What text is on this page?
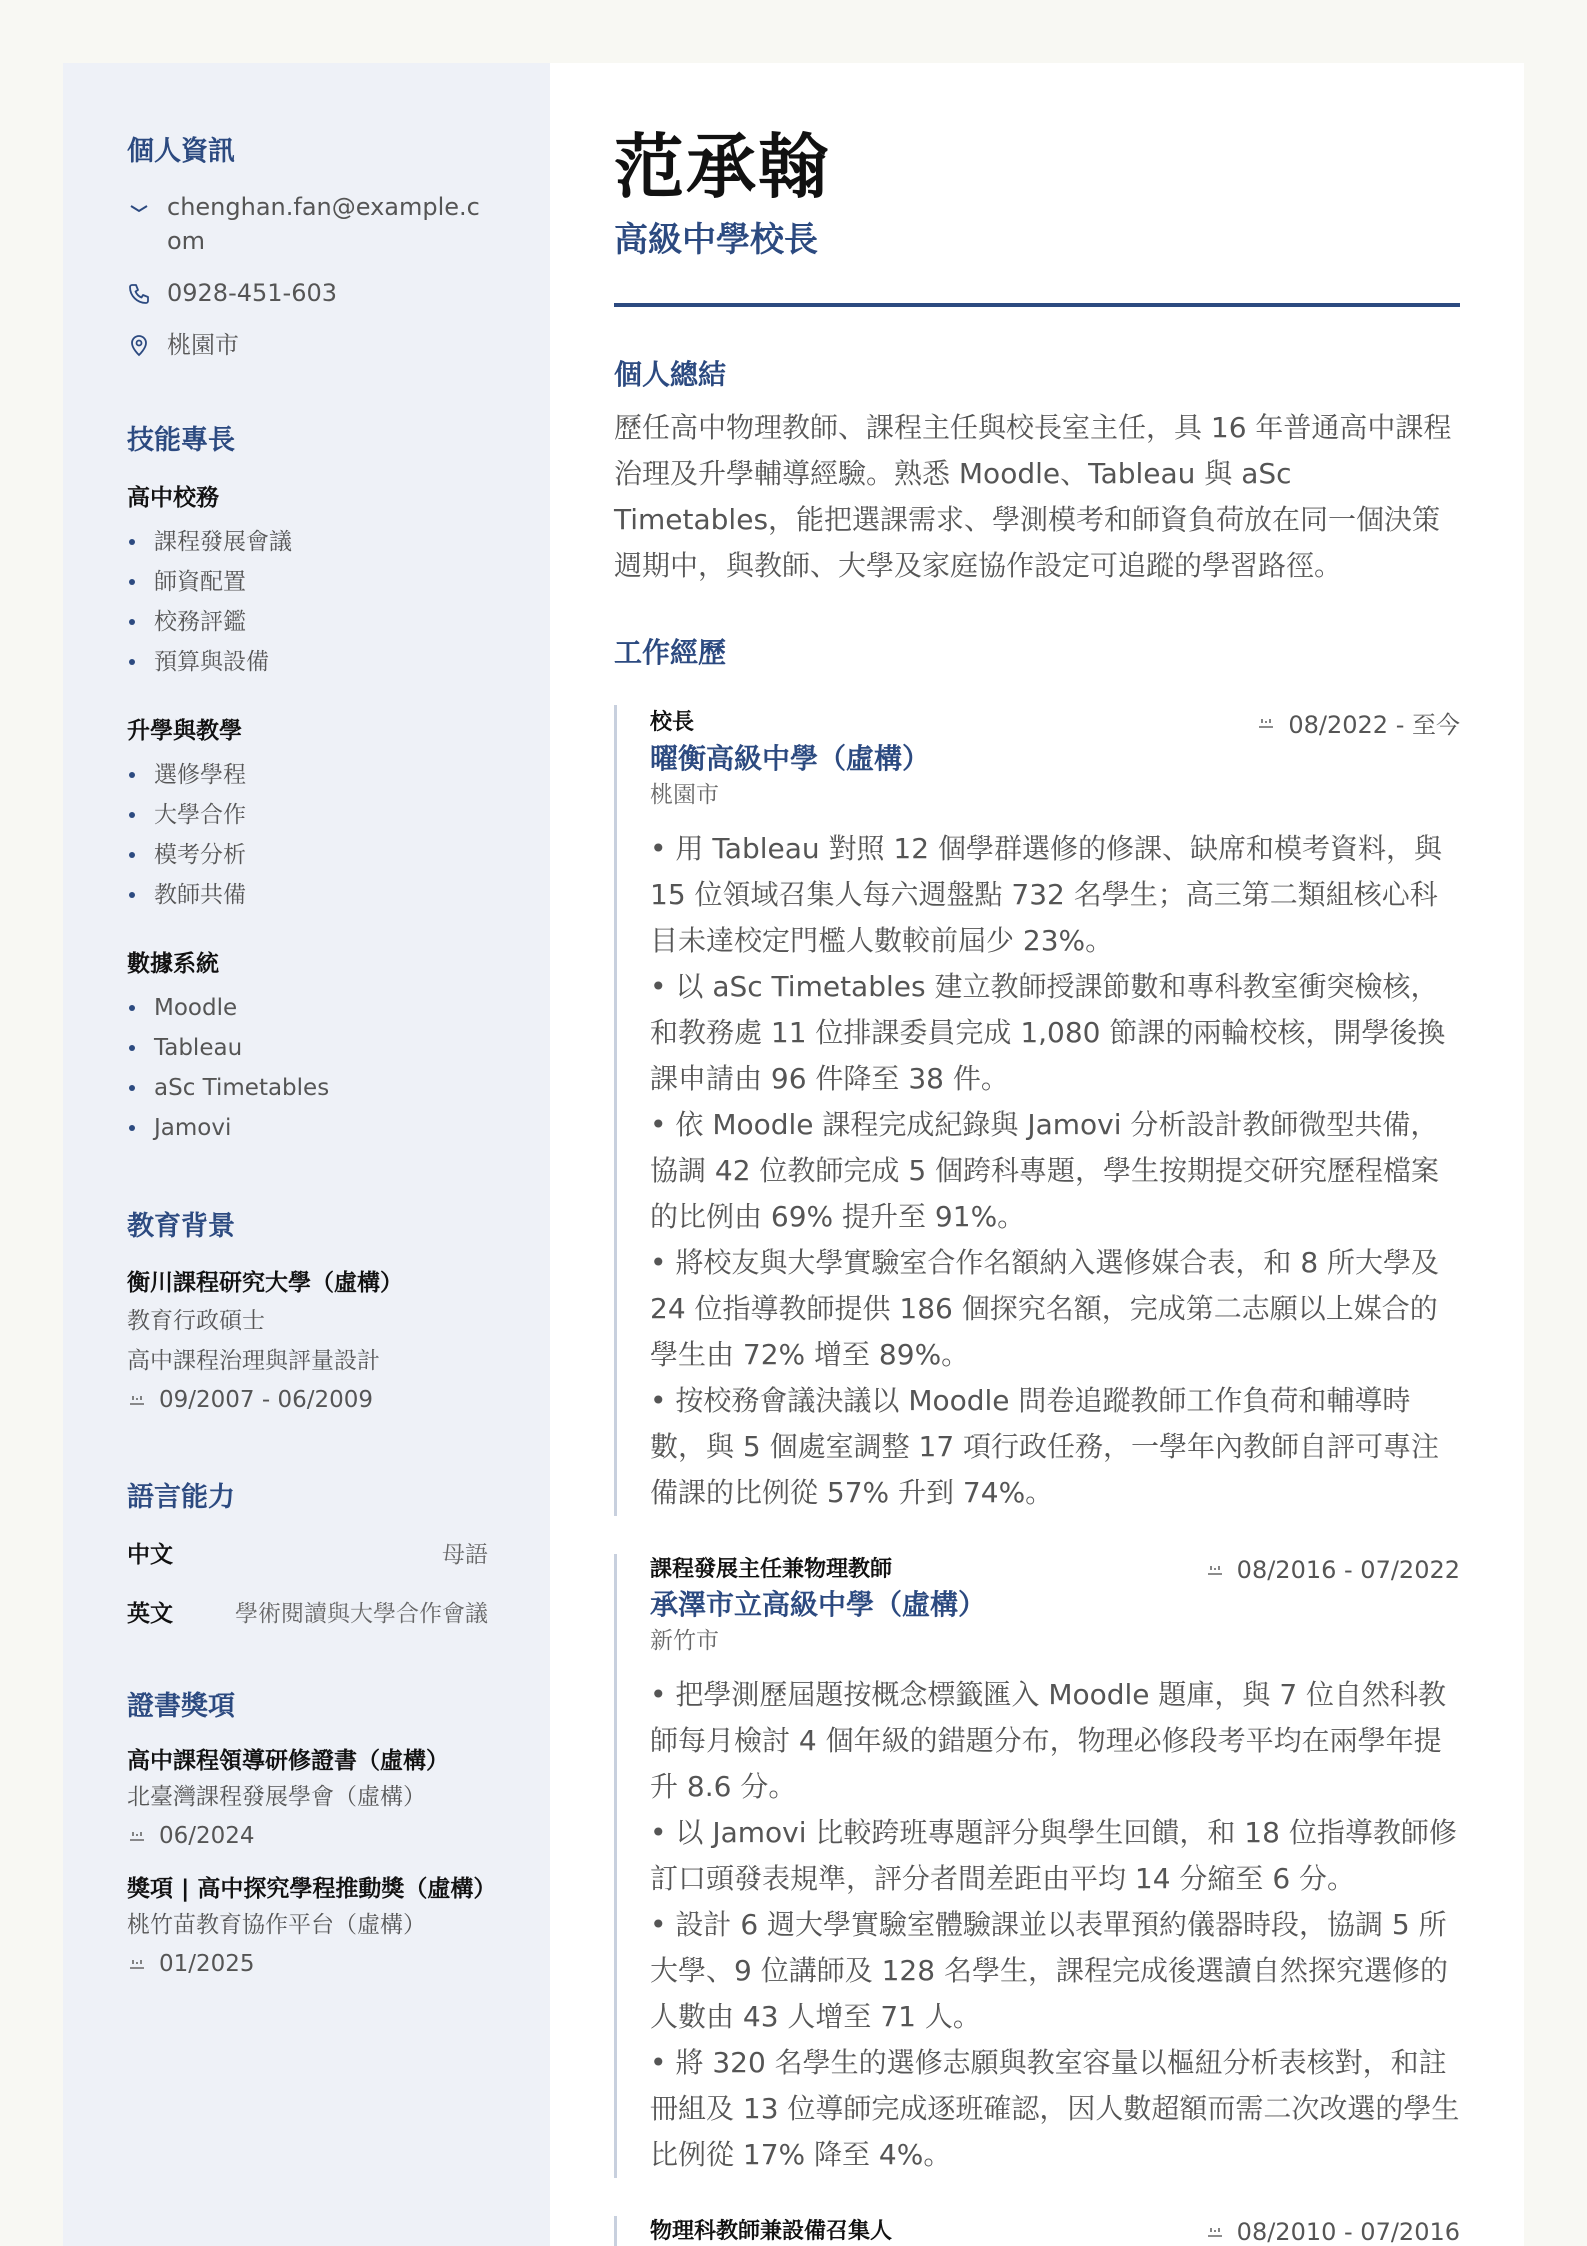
個人資訊
chenghan.fan@example.com
0928-451-603
桃園市
技能專長
高中校務
課程發展會議
師資配置
校務評鑑
預算與設備
升學與教學
選修學程
大學合作
模考分析
教師共備
數據系統
Moodle
Tableau
aSc Timetables
Jamovi
教育背景
衡川課程研究大學（虛構）
教育行政碩士
高中課程治理與評量設計
09/2007 - 06/2009
語言能力
中文	母語
英文	學術閱讀與大學合作會議
證書獎項
高中課程領導研修證書（虛構）
北臺灣課程發展學會（虛構）
06/2024
獎項 | 高中探究學程推動獎（虛構）
桃竹苗教育協作平台（虛構）
01/2025
范承翰
高級中學校長
個人總結
歷任高中物理教師、課程主任與校長室主任，具 16 年普通高中課程治理及升學輔導經驗。熟悉 Moodle、Tableau 與 aSc Timetables，能把選課需求、學測模考和師資負荷放在同一個決策週期中，與教師、大學及家庭協作設定可追蹤的學習路徑。
工作經歷
校長	08/2022 - 至今
曜衡高級中學（虛構）
桃園市
• 用 Tableau 對照 12 個學群選修的修課、缺席和模考資料，與 15 位領域召集人每六週盤點 732 名學生；高三第二類組核心科目未達校定門檻人數較前屆少 23%。
• 以 aSc Timetables 建立教師授課節數和專科教室衝突檢核，和教務處 11 位排課委員完成 1,080 節課的兩輪校核，開學後換課申請由 96 件降至 38 件。
• 依 Moodle 課程完成紀錄與 Jamovi 分析設計教師微型共備，協調 42 位教師完成 5 個跨科專題，學生按期提交研究歷程檔案的比例由 69% 提升至 91%。
• 將校友與大學實驗室合作名額納入選修媒合表，和 8 所大學及 24 位指導教師提供 186 個探究名額，完成第二志願以上媒合的學生由 72% 增至 89%。
• 按校務會議決議以 Moodle 問卷追蹤教師工作負荷和輔導時數，與 5 個處室調整 17 項行政任務，一學年內教師自評可專注備課的比例從 57% 升到 74%。
課程發展主任兼物理教師	08/2016 - 07/2022
承澤市立高級中學（虛構）
新竹市
• 把學測歷屆題按概念標籤匯入 Moodle 題庫，與 7 位自然科教師每月檢討 4 個年級的錯題分布，物理必修段考平均在兩學年提升 8.6 分。
• 以 Jamovi 比較跨班專題評分與學生回饋，和 18 位指導教師修訂口頭發表規準，評分者間差距由平均 14 分縮至 6 分。
• 設計 6 週大學實驗室體驗課並以表單預約儀器時段，協調 5 所大學、9 位講師及 128 名學生，課程完成後選讀自然探究選修的人數由 43 人增至 71 人。
• 將 320 名學生的選修志願與教室容量以樞紐分析表核對，和註冊組及 13 位導師完成逐班確認，因人數超額而需二次改選的學生比例從 17% 降至 4%。
物理科教師兼設備召集人	08/2010 - 07/2016
